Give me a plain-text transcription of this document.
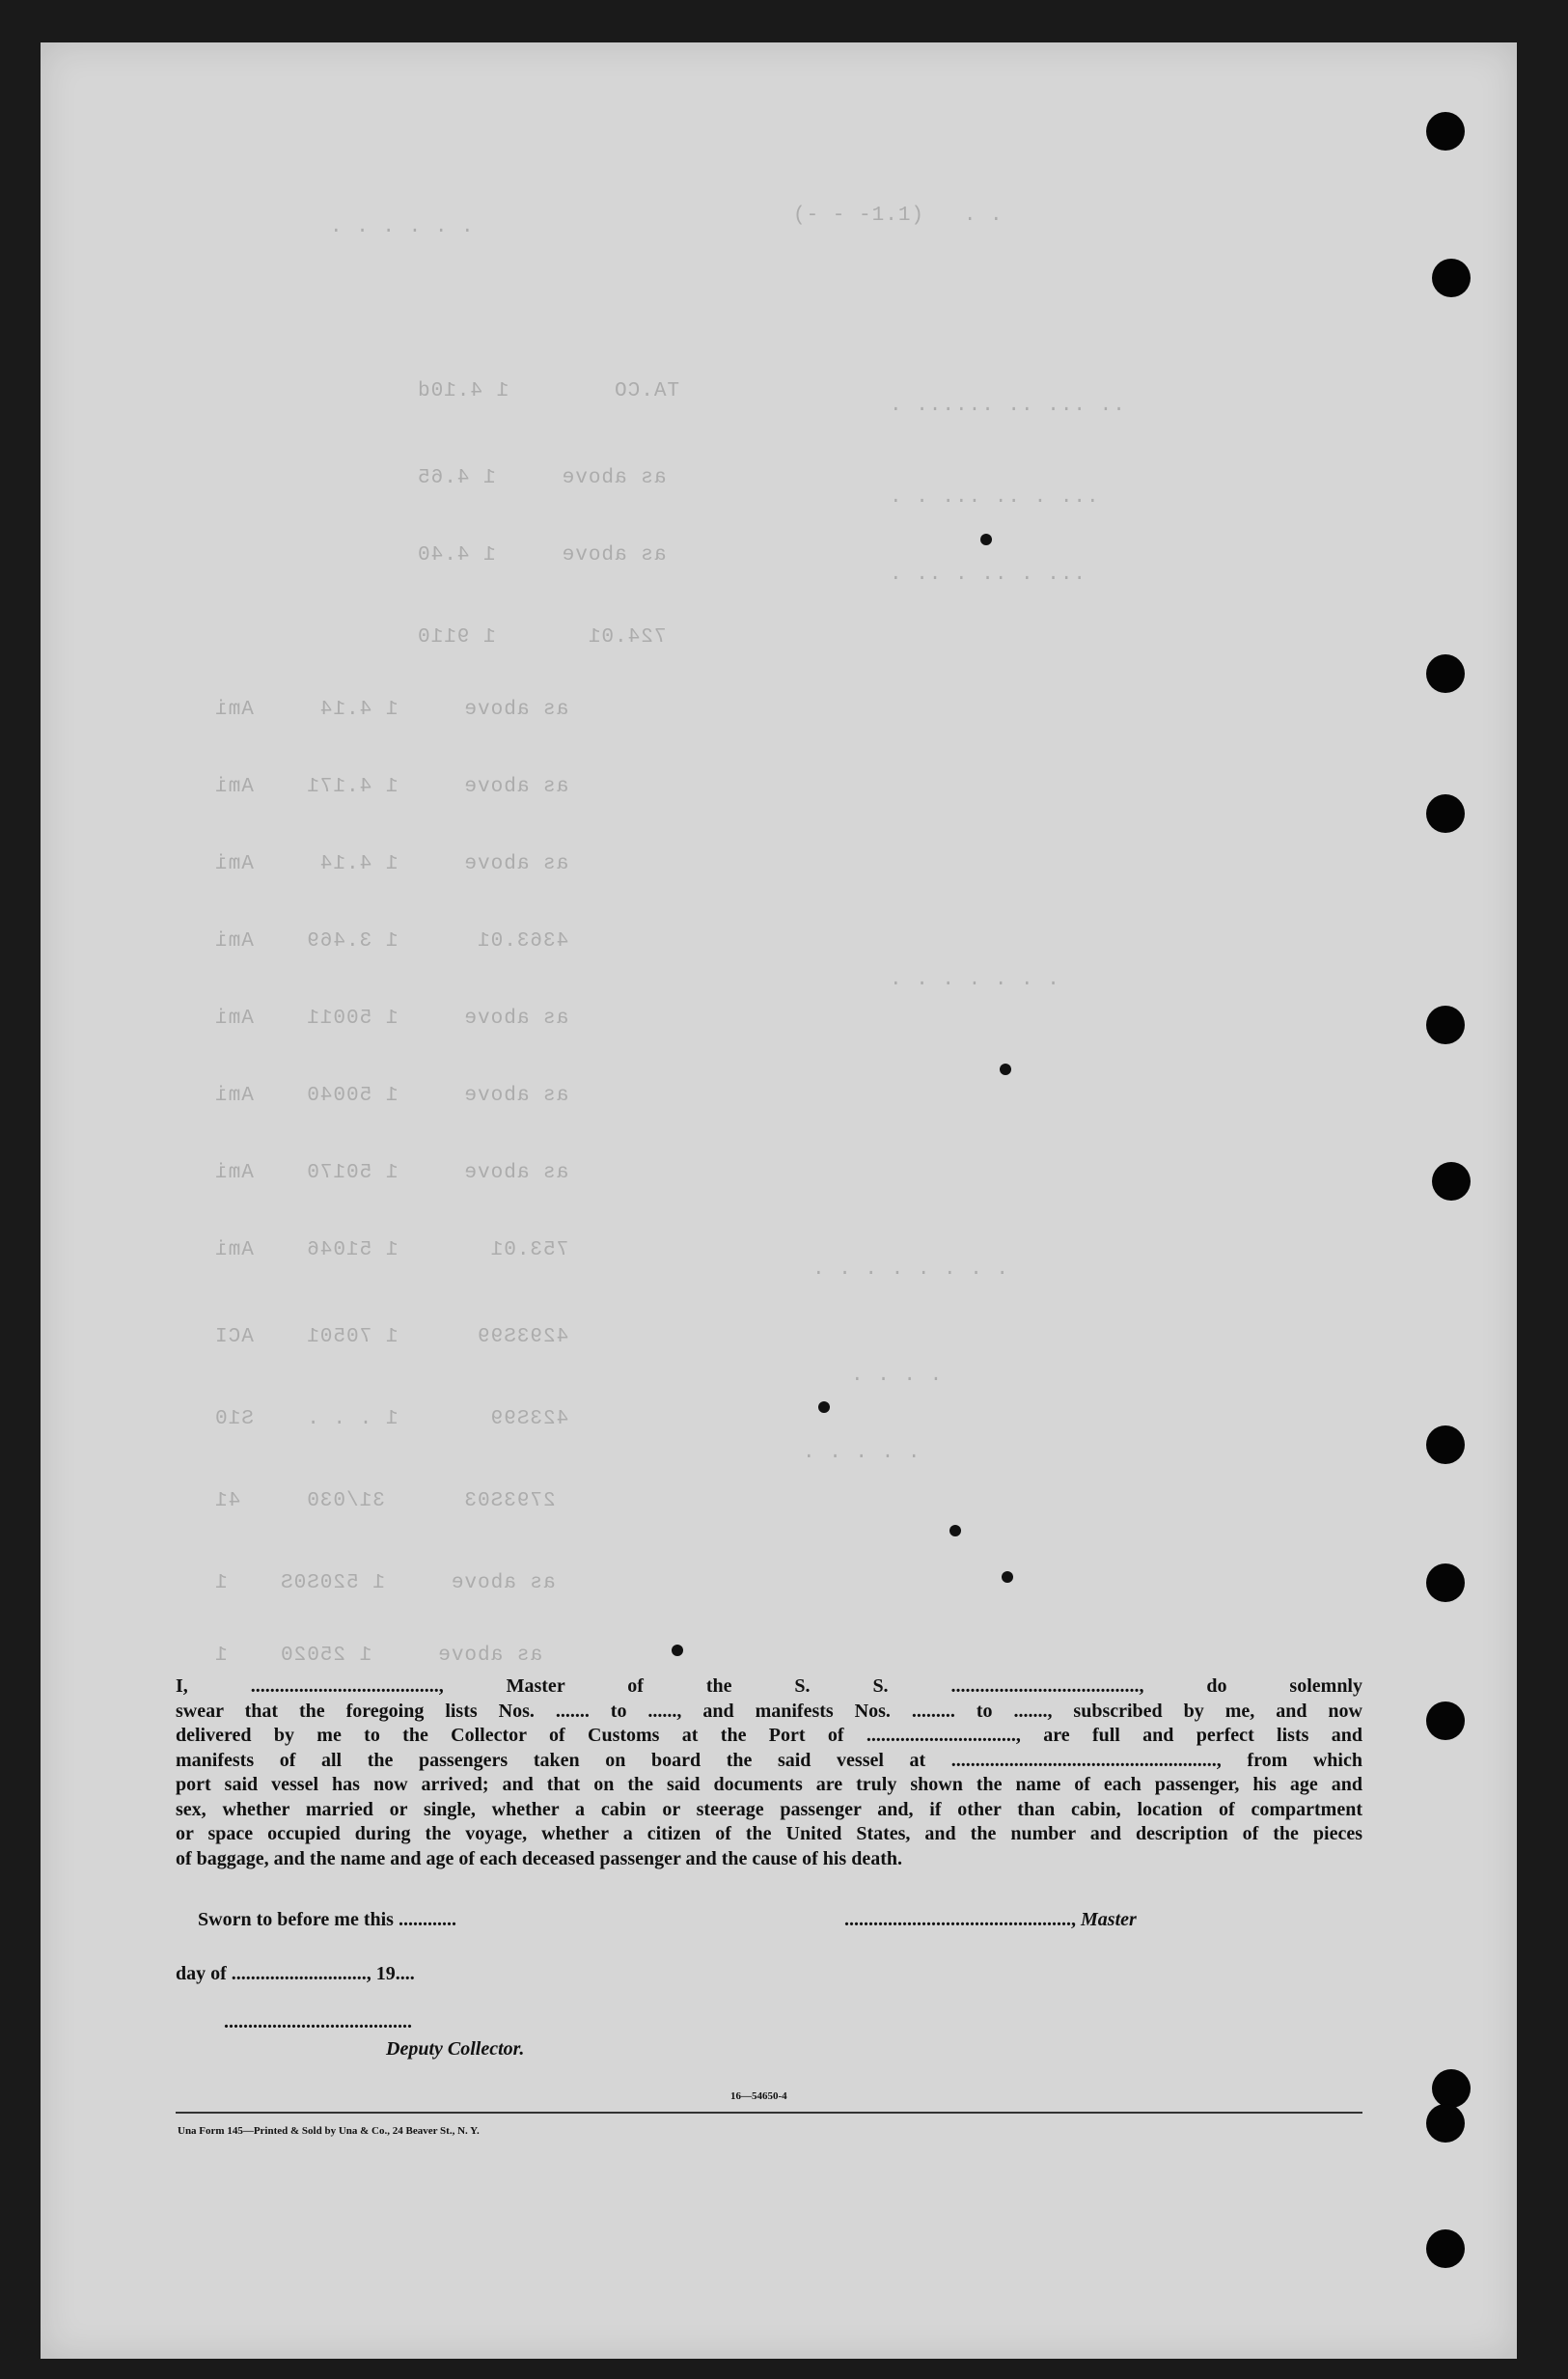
(- - -1.1)   . .
. . . . . .
TA.CO        1 4.10d
. ...... .. ... ..
as above     1 4.65
. . ... .. . ...
as above     1 4.40
. .. . .. . ...
724.01       1 9110
as above     1 4.14     Ami
as above     1 4.171    Ami
as above     1 4.14     Ami
4363.01      1 3.469    Ami
. . . . . . .
as above     1 50011    Ami
as above     1 50040    Ami
as above     1 50170    Ami
753.01       1 51046    Ami
. . . . . . . .
4293S99      1 70501    ACI
. . . .
423S99       1 . . .    S10
. . . . .
2793S03      31/030     41
as above     1 520S0S    1
as above     1 25020    1
I, ......................................., Master of the S. S. ......................................., do solemnly
swear that the foregoing lists Nos. ....... to ......, and manifests Nos. ......... to ......., subscribed by me, and now
delivered by me to the Collector of Customs at the Port of ..............................., are full and perfect lists and
manifests of all the passengers taken on board the said vessel at ......................................................., from which
port said vessel has now arrived; and that on the said documents are truly shown the name of each passenger, his age and
sex, whether married or single, whether a cabin or steerage passenger and, if other than cabin, location of compartment
or space occupied during the voyage, whether a citizen of the United States, and the number and description of the pieces
of baggage, and the name and age of each deceased passenger and the cause of his death.
Sworn to before me this ............	..............................................., Master
day of ............................, 19....
.......................................
Deputy Collector.
16—54650-4
Una Form 145—Printed & Sold by Una & Co., 24 Beaver St., N. Y.
